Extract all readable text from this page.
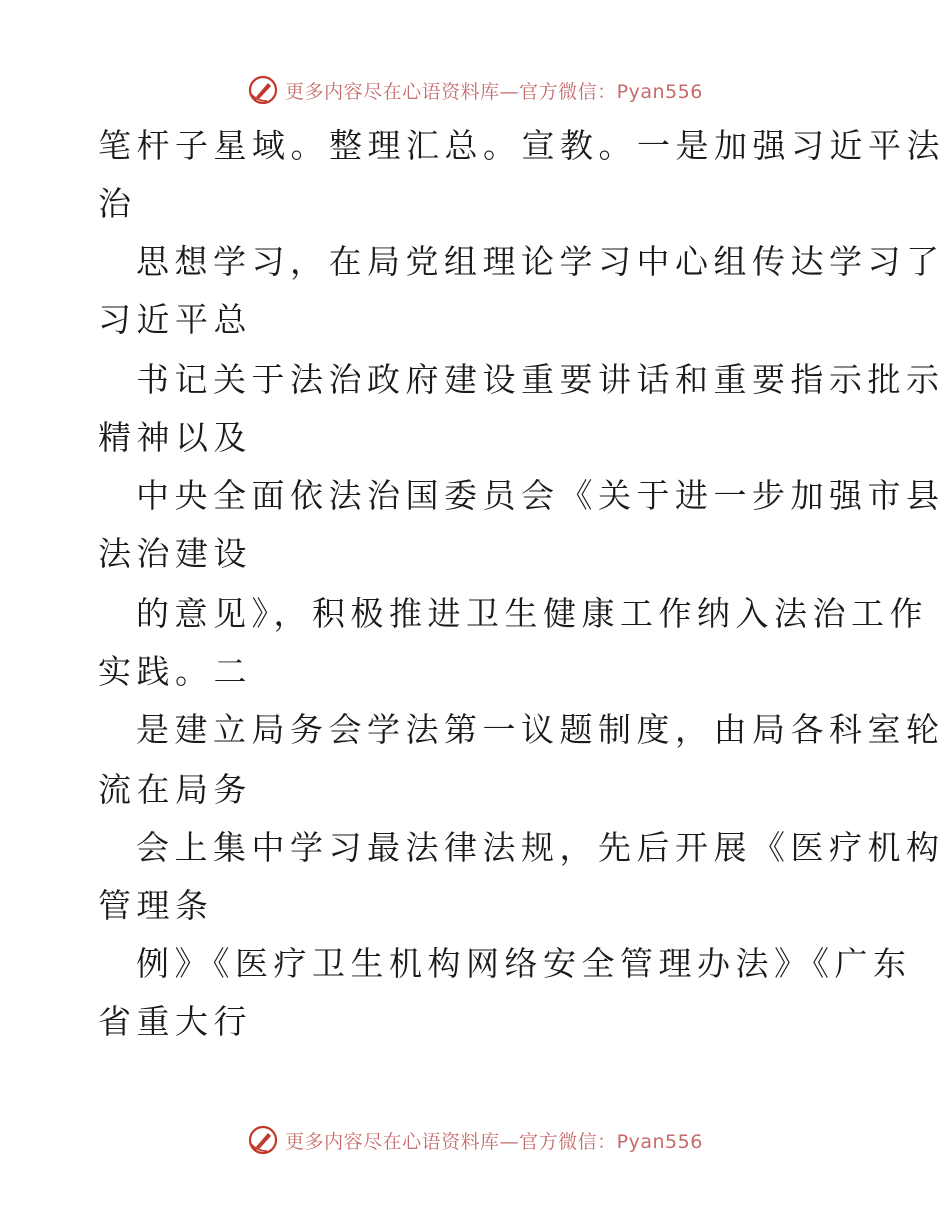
更多内容尽在心语资料库—官方微信：Pyan556
笔杆子星域。整理汇总。宣教。一是加强习近平法
治
思想学习，在局党组理论学习中心组传达学习了
习近平总
书记关于法治政府建设重要讲话和重要指示批示
精神以及
中央全面依法治国委员会《关于进一步加强市县
法治建设
的意见》，积极推进卫生健康工作纳入法治工作
实践。二
是建立局务会学法第一议题制度，由局各科室轮
流在局务
会上集中学习最法律法规，先后开展《医疗机构
管理条
例》《医疗卫生机构网络安全管理办法》《广东
省重大行
更多内容尽在心语资料库—官方微信：Pyan556
